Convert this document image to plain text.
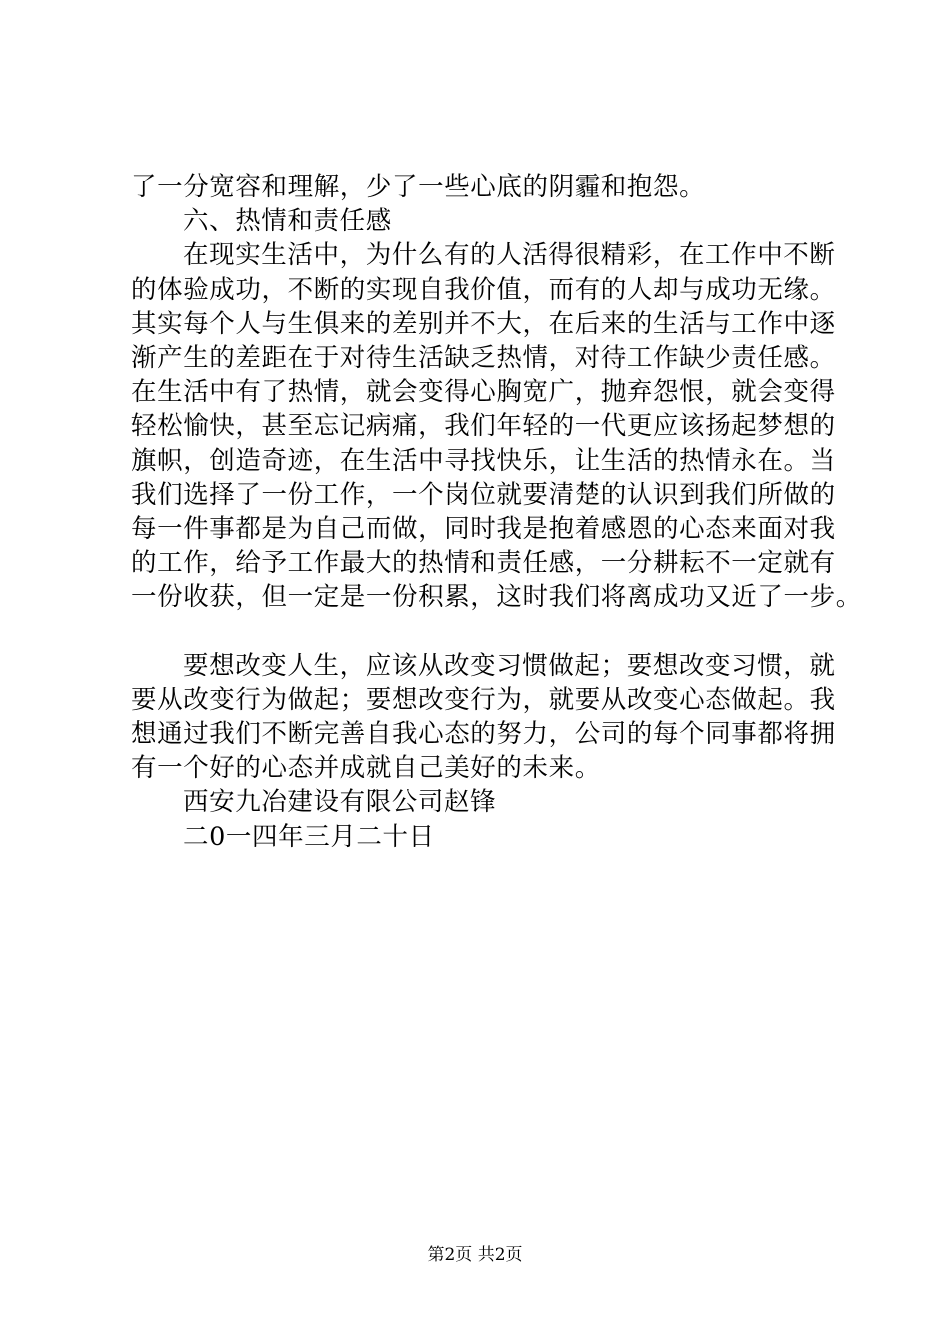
了一分宽容和理解，少了一些心底的阴霾和抱怨。

六、热情和责任感

在现实生活中，为什么有的人活得很精彩，在工作中不断
的体验成功，不断的实现自我价值，而有的人却与成功无缘。
其实每个人与生俱来的差别并不大，在后来的生活与工作中逐
渐产生的差距在于对待生活缺乏热情，对待工作缺少责任感。
在生活中有了热情，就会变得心胸宽广，抛弃怨恨，就会变得
轻松愉快，甚至忘记病痛，我们年轻的一代更应该扬起梦想的
旗帜，创造奇迹，在生活中寻找快乐，让生活的热情永在。当
我们选择了一份工作，一个岗位就要清楚的认识到我们所做的
每一件事都是为自己而做，同时我是抱着感恩的心态来面对我
的工作，给予工作最大的热情和责任感，一分耕耘不一定就有
一份收获，但一定是一份积累，这时我们将离成功又近了一步。

要想改变人生，应该从改变习惯做起；要想改变习惯，就
要从改变行为做起；要想改变行为，就要从改变心态做起。我
想通过我们不断完善自我心态的努力，公司的每个同事都将拥
有一个好的心态并成就自己美好的未来。

西安九冶建设有限公司赵锋

二0一四年三月二十日

第2页 共2页
